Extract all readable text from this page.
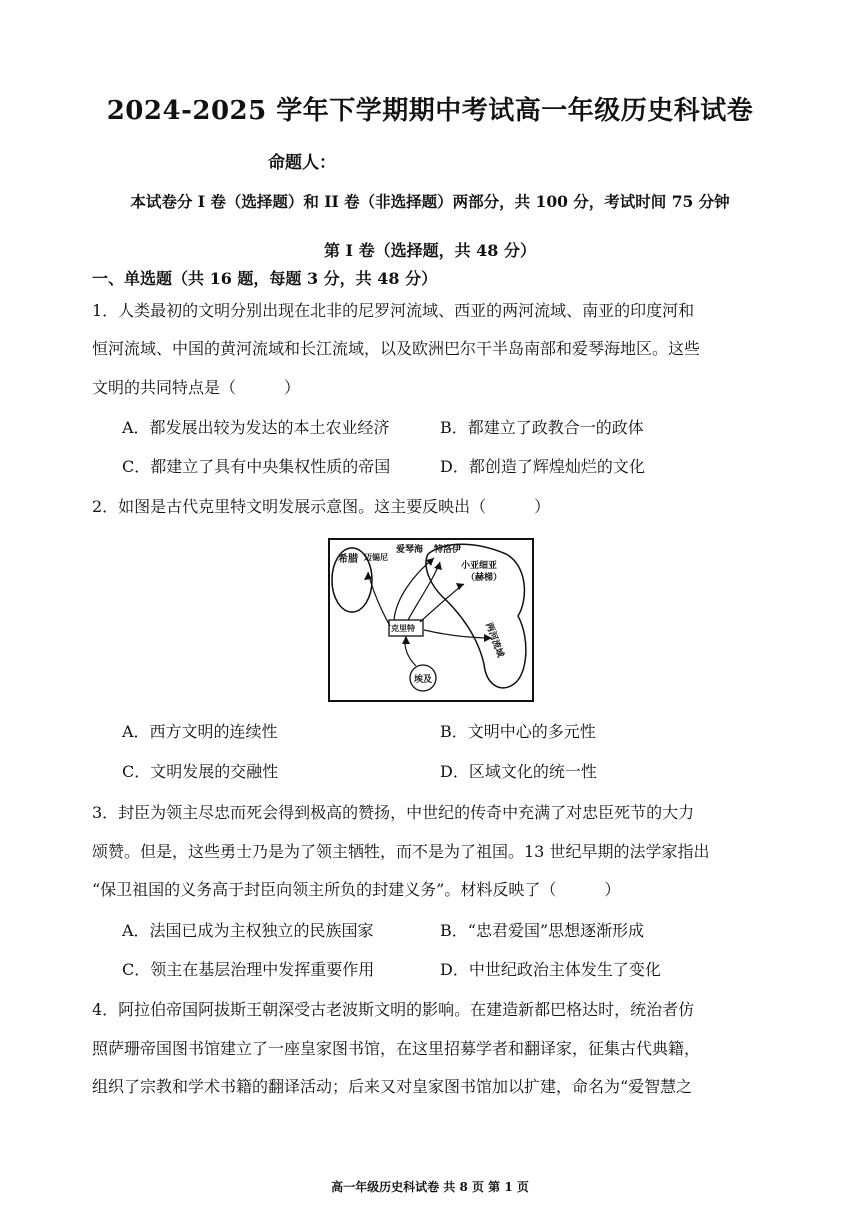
2024-2025 学年下学期期中考试高一年级历史科试卷
命题人：
本试卷分 I 卷（选择题）和 II 卷（非选择题）两部分，共 100 分，考试时间 75 分钟
第 I 卷（选择题，共 48 分）
一、单选题（共 16 题，每题 3 分，共 48 分）
1．人类最初的文明分别出现在北非的尼罗河流域、西亚的两河流域、南亚的印度河和
恒河流域、中国的黄河流域和长江流域，以及欧洲巴尔干半岛南部和爱琴海地区。这些
文明的共同特点是（　　　）
A．都发展出较为发达的本土农业经济	B．都建立了政教合一的政体
C．都建立了具有中央集权性质的帝国	D．都创造了辉煌灿烂的文化
2．如图是古代克里特文明发展示意图。这主要反映出（　　　）
希腊 迈锡尼
爱琴海 特洛伊
小亚细亚
（赫梯）
两河流域
克里特
埃及
A．西方文明的连续性	B．文明中心的多元性
C．文明发展的交融性	D．区域文化的统一性
3．封臣为领主尽忠而死会得到极高的赞扬，中世纪的传奇中充满了对忠臣死节的大力
颂赞。但是，这些勇士乃是为了领主牺牲，而不是为了祖国。13 世纪早期的法学家指出
“保卫祖国的义务高于封臣向领主所负的封建义务”。材料反映了（　　　）
A．法国已成为主权独立的民族国家	B．“忠君爱国”思想逐渐形成
C．领主在基层治理中发挥重要作用	D．中世纪政治主体发生了变化
4．阿拉伯帝国阿拔斯王朝深受古老波斯文明的影响。在建造新都巴格达时，统治者仿
照萨珊帝国图书馆建立了一座皇家图书馆，在这里招募学者和翻译家，征集古代典籍，
组织了宗教和学术书籍的翻译活动；后来又对皇家图书馆加以扩建，命名为“爱智慧之
高一年级历史科试卷 共 8 页 第 1 页
